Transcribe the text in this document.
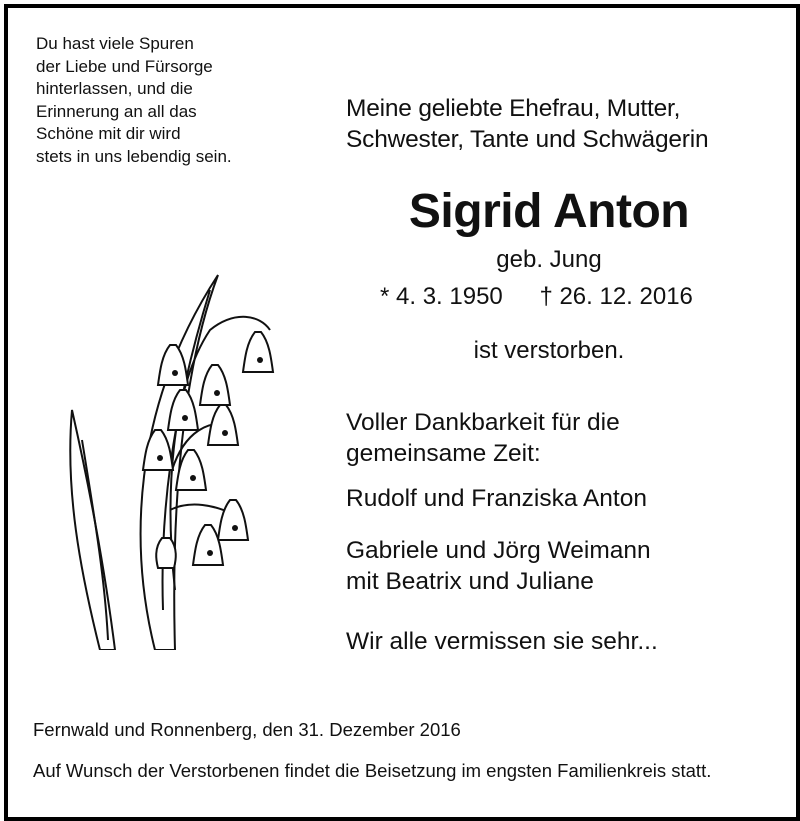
Du hast viele Spuren
der Liebe und Fürsorge
hinterlassen, und die
Erinnerung an all das
Schöne mit dir wird
stets in uns lebendig sein.
Meine geliebte Ehefrau, Mutter,
Schwester, Tante und Schwägerin
Sigrid Anton
geb. Jung
* 4. 3. 1950 † 26. 12. 2016
ist verstorben.
Voller Dankbarkeit für die
gemeinsame Zeit:
Rudolf und Franziska Anton
Gabriele und Jörg Weimann
mit Beatrix und Juliane
Wir alle vermissen sie sehr...
Fernwald und Ronnenberg, den 31. Dezember 2016
Auf Wunsch der Verstorbenen findet die Beisetzung im engsten Familienkreis statt.
